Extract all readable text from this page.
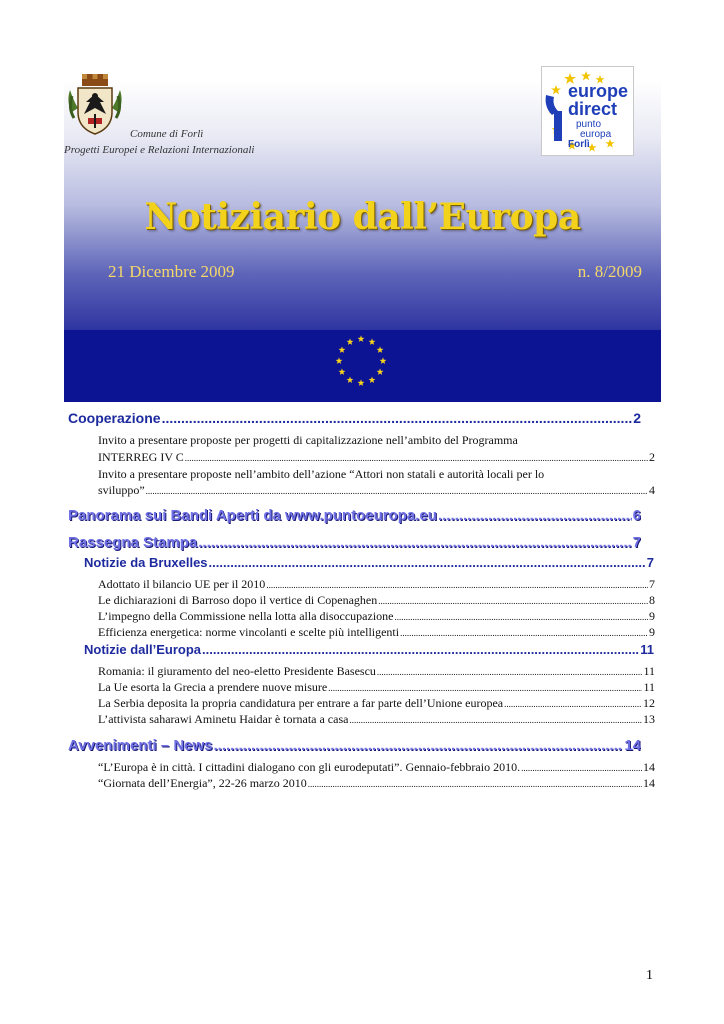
Comune di Forlì
Progetti Europei e Relazioni Internazionali
europe
direct
punto
europa
Forlì
Notiziario dall’Europa
21 Dicembre 2009	n. 8/2009
Cooperazione .....	2
Invito a presentare proposte per progetti di capitalizzazione nell’ambito del Programma
INTERREG IV C .....	2
Invito a presentare proposte nell’ambito dell’azione “Attori non statali e autorità locali per lo
sviluppo” .....	4
Panorama sui Bandi Aperti da www.puntoeuropa.eu .....	6
Rassegna Stampa .....	7
Notizie da Bruxelles .....	7
Adottato il bilancio UE per il 2010 .....	7
Le dichiarazioni di Barroso dopo il vertice di Copenaghen .....	8
L’impegno della Commissione nella lotta alla disoccupazione .....	9
Efficienza energetica: norme vincolanti e scelte più intelligenti .....	9
Notizie dall’Europa .....	11
Romania: il giuramento del neo-eletto Presidente Basescu .....	11
La Ue esorta la Grecia a prendere nuove misure .....	11
La Serbia deposita la propria candidatura per entrare a far parte dell’Unione europea .....	12
L’attivista saharawi Aminetu Haidar è tornata a casa .....	13
Avvenimenti – News .....	14
“L’Europa è in città. I cittadini dialogano con gli eurodeputati”. Gennaio-febbraio 2010. .....	14
“Giornata dell’Energia”, 22-26 marzo 2010 .....	14
1
